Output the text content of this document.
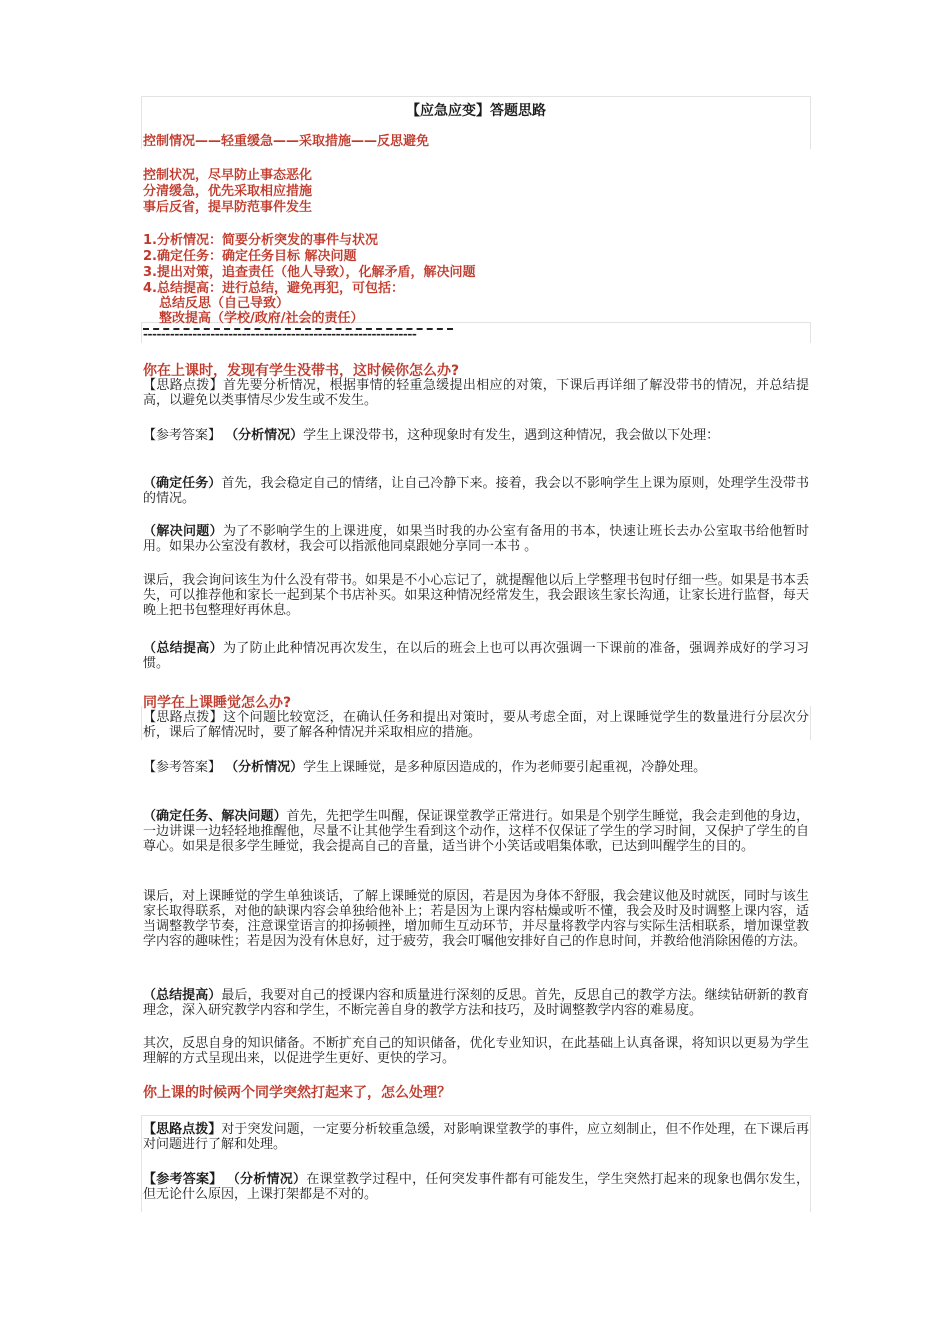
【应急应变】答题思路
控制情况——轻重缓急——采取措施——反思避免
控制状况，尽早防止事态恶化
分清缓急，优先采取相应措施
事后反省，提早防范事件发生
1.分析情况：简要分析突发的事件与状况
2.确定任务：确定任务目标 解决问题
3.提出对策，追查责任（他人导致），化解矛盾，解决问题
4.总结提高：进行总结，避免再犯，可包括：
总结反思（自己导致）
整改提高（学校/政府/社会的责任）
你在上课时，发现有学生没带书，这时候你怎么办?
【思路点拨】首先要分析情况，根据事情的轻重急缓提出相应的对策，下课后再详细了解没带书的情况，并总结提高，以避免以类事情尽少发生或不发生。
【参考答案】 （分析情况）学生上课没带书，这种现象时有发生，遇到这种情况，我会做以下处理：
（确定任务）首先，我会稳定自己的情绪，让自己冷静下来。接着，我会以不影响学生上课为原则，处理学生没带书的情况。
（解决问题）为了不影响学生的上课进度，如果当时我的办公室有备用的书本，快速让班长去办公室取书给他暂时用。如果办公室没有教材，我会可以指派他同桌跟她分享同一本书 。
课后，我会询问该生为什么没有带书。如果是不小心忘记了，就提醒他以后上学整理书包时仔细一些。如果是书本丢失，可以推荐他和家长一起到某个书店补买。如果这种情况经常发生，我会跟该生家长沟通，让家长进行监督，每天晚上把书包整理好再休息。
（总结提高）为了防止此种情况再次发生，在以后的班会上也可以再次强调一下课前的准备，强调养成好的学习习惯。
同学在上课睡觉怎么办?
【思路点拨】这个问题比较宽泛，在确认任务和提出对策时，要从考虑全面，对上课睡觉学生的数量进行分层次分析，课后了解情况时，要了解各种情况并采取相应的措施。
【参考答案】 （分析情况）学生上课睡觉，是多种原因造成的，作为老师要引起重视，冷静处理。
（确定任务、解决问题）首先，先把学生叫醒，保证课堂教学正常进行。如果是个别学生睡觉，我会走到他的身边，一边讲课一边轻轻地推醒他，尽量不让其他学生看到这个动作，这样不仅保证了学生的学习时间，又保护了学生的自尊心。如果是很多学生睡觉，我会提高自己的音量，适当讲个小笑话或唱集体歌，已达到叫醒学生的目的。
课后，对上课睡觉的学生单独谈话，了解上课睡觉的原因，若是因为身体不舒服，我会建议他及时就医，同时与该生家长取得联系，对他的缺课内容会单独给他补上；若是因为上课内容枯燥或听不懂，我会及时及时调整上课内容，适当调整教学节奏，注意课堂语言的抑扬顿挫，增加师生互动环节，并尽量将教学内容与实际生活相联系，增加课堂教学内容的趣味性；若是因为没有休息好，过于疲劳，我会叮嘱他安排好自己的作息时间，并教给他消除困倦的方法。
（总结提高）最后，我要对自己的授课内容和质量进行深刻的反思。首先，反思自己的教学方法。继续钻研新的教育理念，深入研究教学内容和学生，不断完善自身的教学方法和技巧，及时调整教学内容的难易度。
其次，反思自身的知识储备。不断扩充自己的知识储备，优化专业知识，在此基础上认真备课，将知识以更易为学生理解的方式呈现出来，以促进学生更好、更快的学习。
你上课的时候两个同学突然打起来了，怎么处理？
【思路点拨】对于突发问题，一定要分析较重急缓，对影响课堂教学的事件，应立刻制止，但不作处理，在下课后再对问题进行了解和处理。
【参考答案】 （分析情况）在课堂教学过程中，任何突发事件都有可能发生，学生突然打起来的现象也偶尔发生，但无论什么原因，上课打架都是不对的。
-------------------------------------------------------------
